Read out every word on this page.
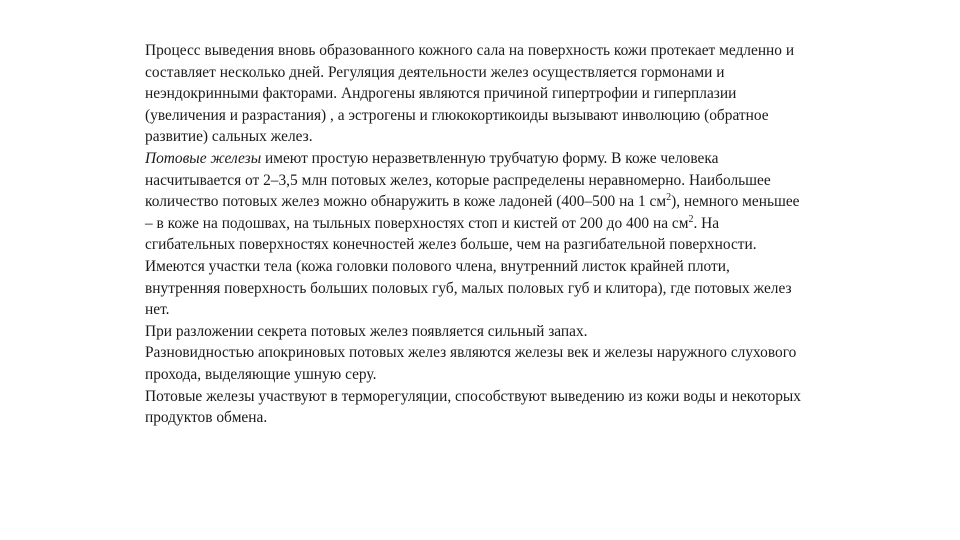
Процесс выведения вновь образованного кожного сала на поверхность кожи протекает медленно и составляет несколько дней. Регуляция деятельности желез осуществляется гормонами и неэндокринными факторами. Андрогены являются причиной гипертрофии и гиперплазии (увеличения и разрастания) , а эстрогены и глюкокортикоиды вызывают инволюцию (обратное развитие) сальных желез.

Потовые железы имеют простую неразветвленную трубчатую форму. В коже человека насчитывается от 2–3,5 млн потовых желез, которые распределены неравномерно. Наибольшее количество потовых желез можно обнаружить в коже ладоней (400–500 на 1 $см^2$), немного меньшее – в коже на подошвах, на тыльных поверхностях стоп и кистей от 200 до 400 на $см^2$. На сгибательных поверхностях конечностей желез больше, чем на разгибательной поверхности. Имеются участки тела (кожа головки полового члена, внутренний листок крайней плоти, внутренняя поверхность больших половых губ, малых половых губ и клитора), где потовых желез нет.

При разложении секрета потовых желез появляется сильный запах.

Разновидностью апокриновых потовых желез являются железы век и железы наружного слухового прохода, выделяющие ушную серу.

Потовые железы участвуют в терморегуляции, способствуют выведению из кожи воды и некоторых продуктов обмена.
